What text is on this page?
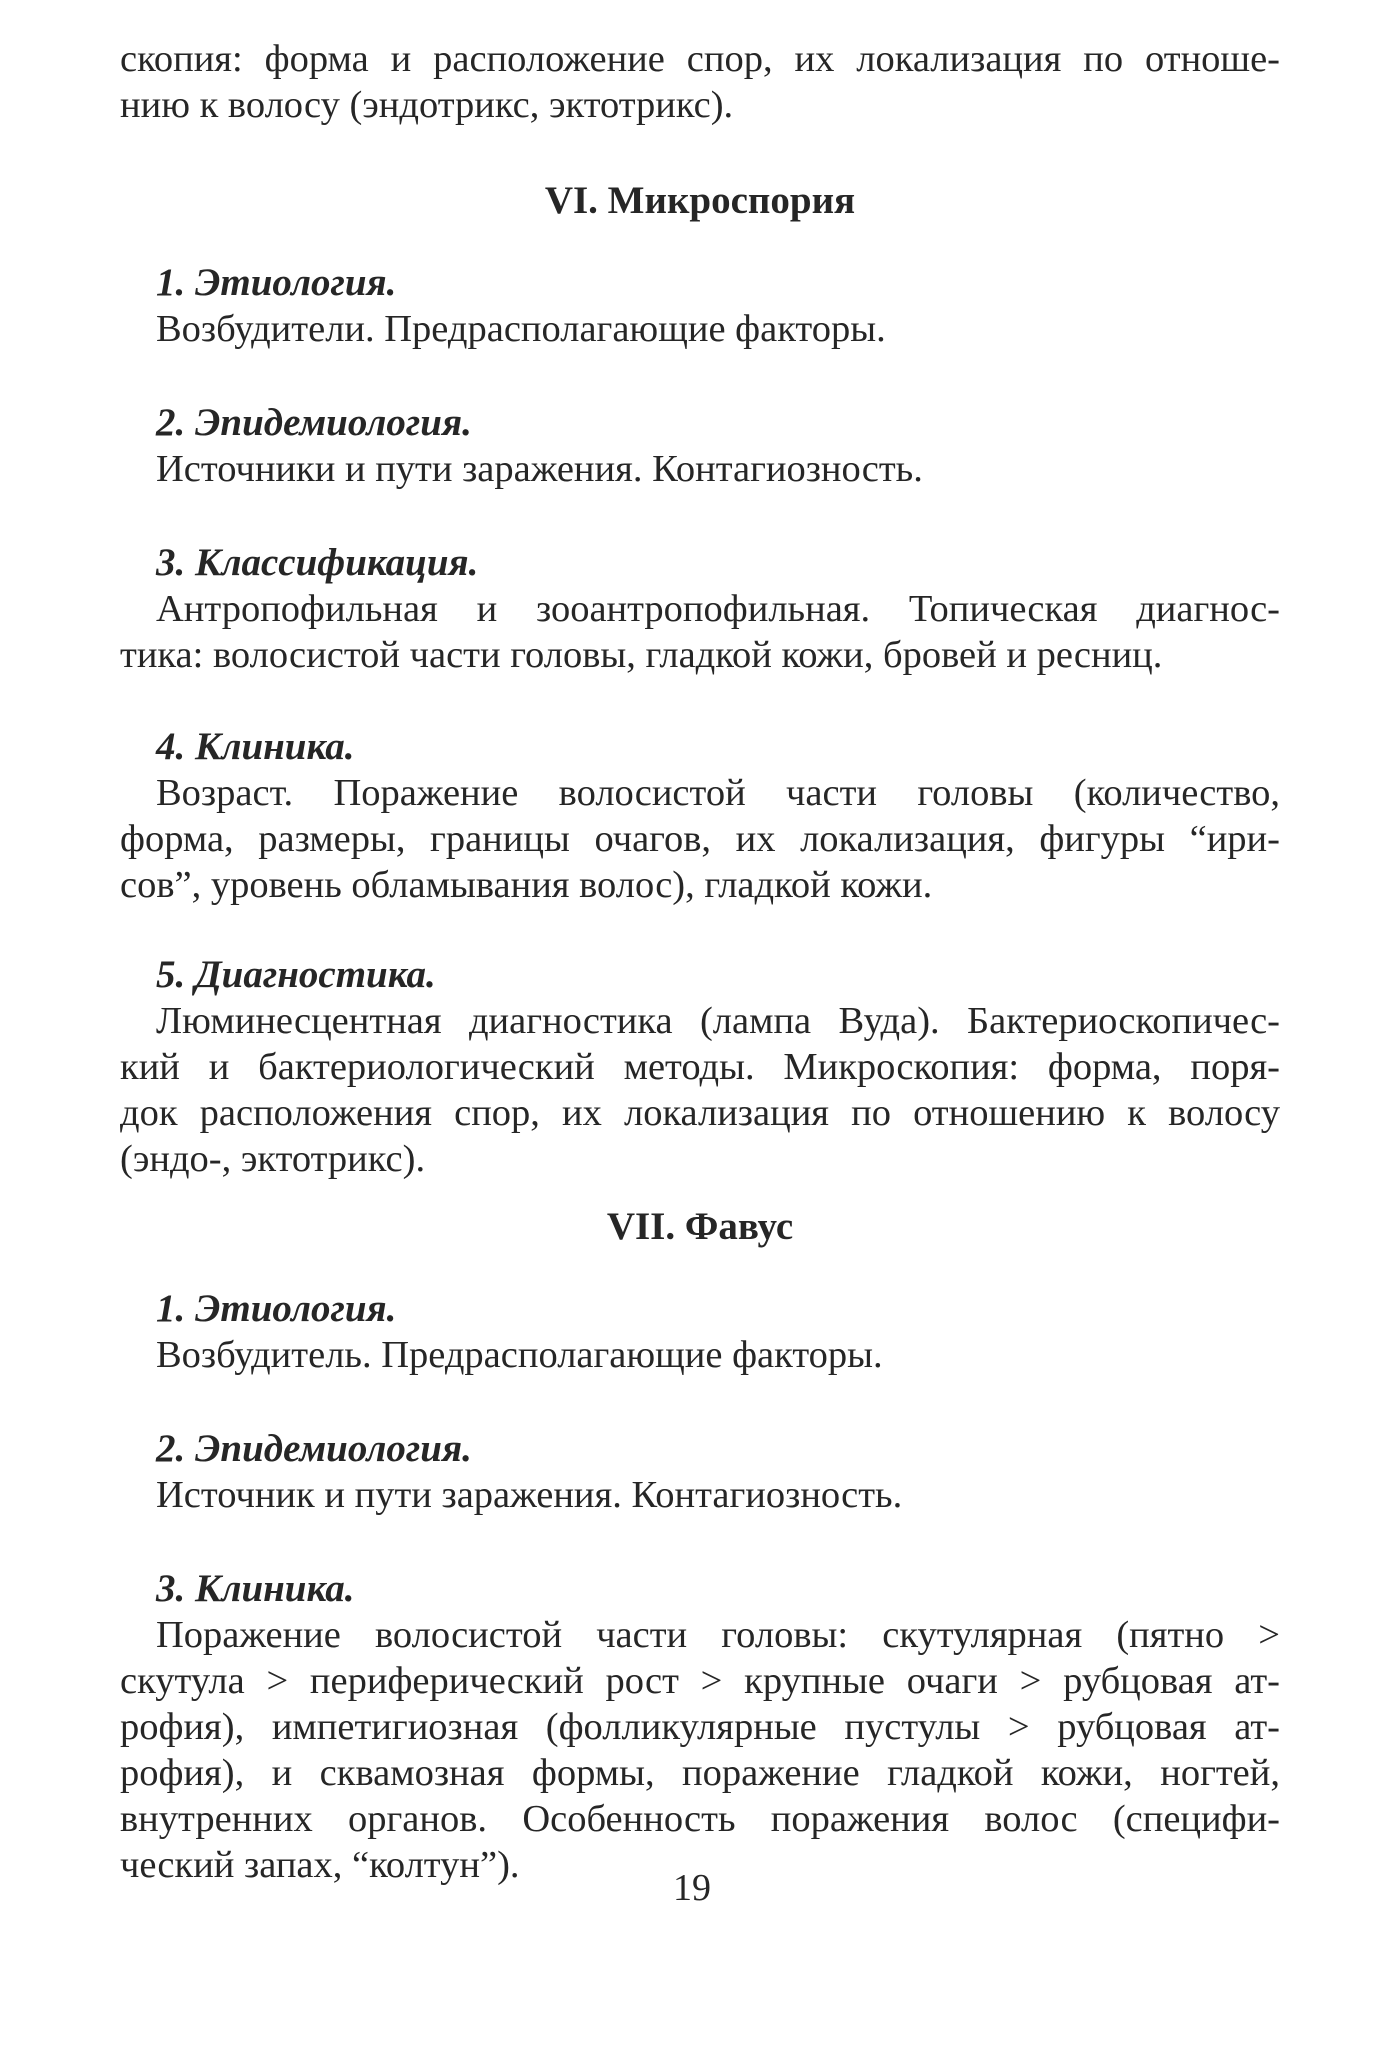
скопия: форма и расположение спор, их локализация по отноше-
нию к волосу (эндотрикс, эктотрикс).

VI. Микроспория

1. Этиология.

Возбудители. Предрасполагающие факторы.

2. Эпидемиология.

Источники и пути заражения. Контагиозность.

3. Классификация.

Антропофильная и зооантропофильная. Топическая диагнос-
тика: волосистой части головы, гладкой кожи, бровей и ресниц.

4. Клиника.

Возраст. Поражение волосистой части головы (количество,
форма, размеры, границы очагов, их локализация, фигуры “ири-
сов”, уровень обламывания волос), гладкой кожи.

5. Диагностика.

Люминесцентная диагностика (лампа Вуда). Бактериоскопичес-
кий и бактериологический методы. Микроскопия: форма, поря-
док расположения спор, их локализация по отношению к волосу
(эндо-, эктотрикс).

VII. Фавус

1. Этиология.

Возбудитель. Предрасполагающие факторы.

2. Эпидемиология.

Источник и пути заражения. Контагиозность.

3. Клиника.

Поражение волосистой части головы: скутулярная (пятно >
скутула > периферический рост > крупные очаги > рубцовая ат-
рофия), импетигиозная (фолликулярные пустулы > рубцовая ат-
рофия), и сквамозная формы, поражение гладкой кожи, ногтей,
внутренних органов. Особенность поражения волос (специфи-
ческий запах, “колтун”).

19
